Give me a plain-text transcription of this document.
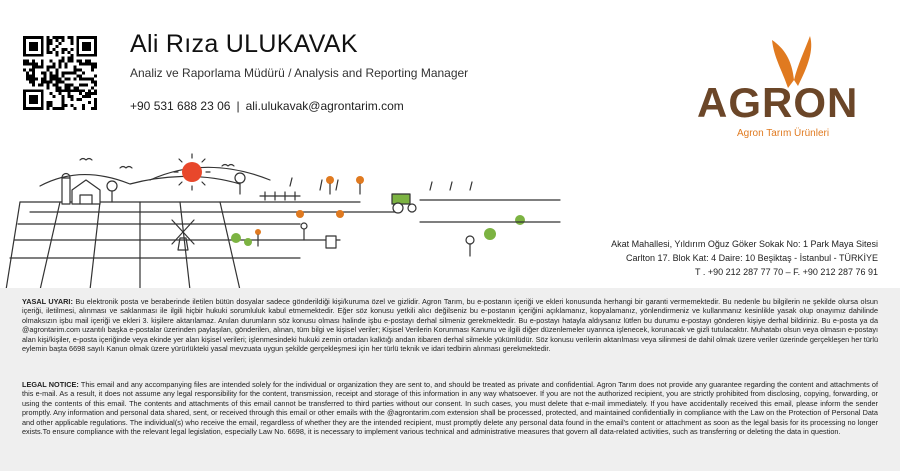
Ali Rıza ULUKAVAK
Analiz ve Raporlama Müdürü / Analysis and Reporting Manager
+90 531 688 23 06 | ali.ulukavak@agrontarim.com	AGRON
Agron Tarım Ürünleri
Akat Mahallesi, Yıldırım Oğuz Göker Sokak No: 1 Park Maya Sitesi
Carlton 17. Blok Kat: 4 Daire: 10 Beşiktaş - İstanbul - TÜRKİYE
T . +90 212 287 77 70 – F. +90 212 287 76 91

YASAL UYARI: Bu elektronik posta ve beraberinde iletilen bütün dosyalar sadece gönderildiği kişi/kuruma özel ve gizlidir. Agron Tarım, bu e-postanın içeriği ve ekleri konusunda herhangi bir garanti vermemektedir. Bu nedenle bu bilgilerin ne şekilde olursa olsun içeriği, iletilmesi, alınması ve saklanması ile ilgili hiçbir hukuki sorumluluk kabul etmemektedir. Eğer söz konusu yetkili alıcı değilseniz bu e-postanın içeriğini açıklamanız, kopyalamanız, yönlendirmeniz ve kullanmanız kesinlikle yasak olup onayımız dahilinde olmaksızın işbu mail içeriği ve ekleri 3. kişilere aktarılamaz. Anılan durumların söz konusu olması halinde işbu e-postayı derhal silmeniz gerekmektedir. Bu e-postayı hatayla aldıysanız lütfen bu durumu e-postayı gönderen kişiye derhal bildiriniz. Bu e-posta ya da @agrontarim.com uzantılı başka e-postalar üzerinden paylaşılan, gönderilen, alınan, tüm bilgi ve kişisel veriler; Kişisel Verilerin Korunması Kanunu ve ilgili diğer düzenlemeler uyarınca işlenecek, korunacak ve gizli tutulacaktır. Muhatabı olsun veya olmasın e-postayı alan kişi/kişiler, e-posta içeriğinde veya ekinde yer alan kişisel verileri; işlenmesindeki hukuki zemin ortadan kalktığı andan itibaren derhal silmekle yükümlüdür. Söz konusu verilerin aktarılması veya silinmesi de dahil olmak üzere veriler üzerinde gerçekleşen her türlü eylemin başta 6698 sayılı Kanun olmak üzere yürürlükteki yasal mevzuata uygun şekilde gerçekleşmesi için her türlü teknik ve idari tedbirin alınması gerekmektedir.

LEGAL NOTICE: This email and any accompanying files are intended solely for the individual or organization they are sent to, and should be treated as private and confidential. Agron Tarım does not provide any guarantee regarding the content and attachments of this e-mail. As a result, it does not assume any legal responsibility for the content, transmission, receipt and storage of this information in any way whatsoever. If you are not the authorized recipient, you are strictly prohibited from disclosing, copying, forwarding, or using the contents of this email. The contents and attachments of this email cannot be transferred to third parties without our consent. In such cases, you must delete that e-mail immediately. If you have accidentally received this email, please inform the sender promptly. Any information and personal data shared, sent, or received through this email or other emails with the @agrontarim.com extension shall be processed, protected, and maintained confidentially in compliance with the Law on the Protection of Personal Data and other applicable regulations. The individual(s) who receive the email, regardless of whether they are the intended recipient, must promptly delete any personal data found in the email's content or attachment as soon as the legal basis for its processing no longer exists.To ensure compliance with the relevant legal legislation, especially Law No. 6698, it is necessary to implement various technical and administrative measures that govern all data-related activities, such as transferring or deleting the data in question.
